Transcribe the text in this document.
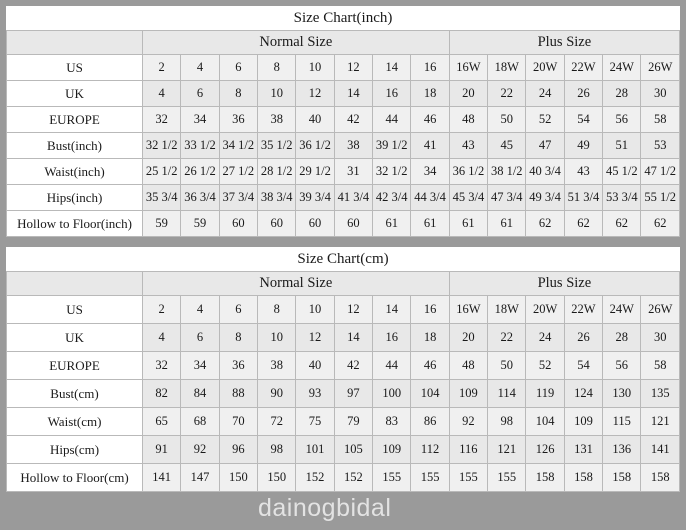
Size Chart(inch)														
	Normal Size								Plus Size					
US	2	4	6	8	10	12	14	16	16W	18W	20W	22W	24W	26W
UK	4	6	8	10	12	14	16	18	20	22	24	26	28	30
EUROPE	32	34	36	38	40	42	44	46	48	50	52	54	56	58
Bust(inch)	32 1/2	33 1/2	34 1/2	35 1/2	36 1/2	38	39 1/2	41	43	45	47	49	51	53
Waist(inch)	25 1/2	26 1/2	27 1/2	28 1/2	29 1/2	31	32 1/2	34	36 1/2	38 1/2	40 3/4	43	45 1/2	47 1/2
Hips(inch)	35 3/4	36 3/4	37 3/4	38 3/4	39 3/4	41 3/4	42 3/4	44 3/4	45 3/4	47 3/4	49 3/4	51 3/4	53 3/4	55 1/2
Hollow to Floor(inch)	59	59	60	60	60	60	61	61	61	61	62	62	62	62
Size Chart(cm)														
	Normal Size								Plus Size					
US	2	4	6	8	10	12	14	16	16W	18W	20W	22W	24W	26W
UK	4	6	8	10	12	14	16	18	20	22	24	26	28	30
EUROPE	32	34	36	38	40	42	44	46	48	50	52	54	56	58
Bust(cm)	82	84	88	90	93	97	100	104	109	114	119	124	130	135
Waist(cm)	65	68	70	72	75	79	83	86	92	98	104	109	115	121
Hips(cm)	91	92	96	98	101	105	109	112	116	121	126	131	136	141
Hollow to Floor(cm)	141	147	150	150	152	152	155	155	155	155	158	158	158	158
dainogbidal
